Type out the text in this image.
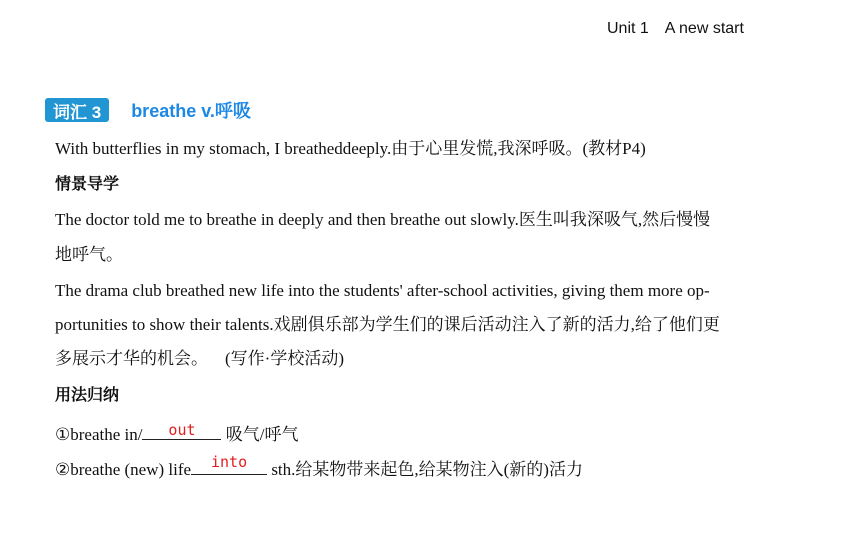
Unit 1 A new start
词汇 3	breathe v.呼吸
With butterflies in my stomach, I breatheddeeply.由于心里发慌,我深呼吸。(教材P4)
情景导学
The doctor told me to breathe in deeply and then breathe out slowly.医生叫我深吸气,然后慢慢
地呼气。
The drama club breathed new life into the students' after-school activities, giving them more op-
portunities to show their talents.戏剧俱乐部为学生们的课后活动注入了新的活力,给了他们更
多展示才华的机会。    (写作·学校活动)
用法归纳
①breathe in/	out	吸气/呼气
②breathe (new) life	into	sth.给某物带来起色,给某物注入(新的)活力
